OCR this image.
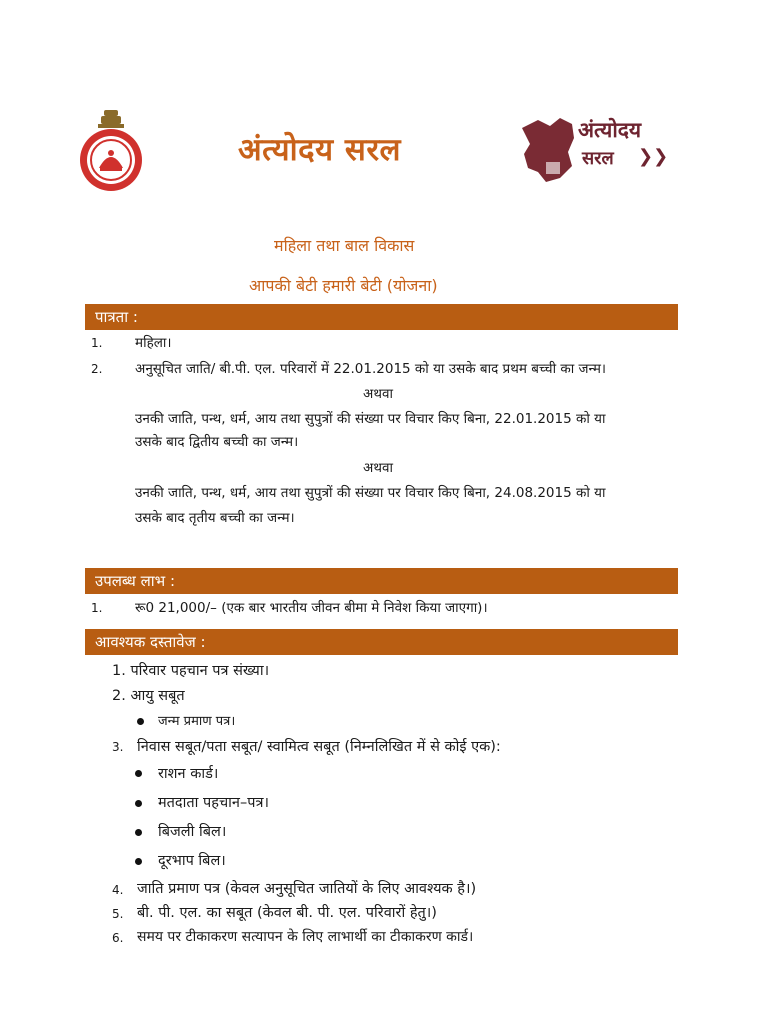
अंत्योदय सरल
अंत्योदय
सरल ❯❯
महिला तथा बाल विकास
आपकी बेटी हमारी बेटी (योजना)
पात्रता :
1. महिला।
2. अनुसूचित जाति/ बी.पी. एल. परिवारों में 22.01.2015 को या उसके बाद प्रथम बच्ची का जन्म।
अथवा
उनकी जाति, पन्थ, धर्म, आय तथा सुपुत्रों की संख्या पर विचार किए बिना, 22.01.2015 को या
उसके बाद द्वितीय बच्ची का जन्म।
अथवा
उनकी जाति, पन्थ, धर्म, आय तथा सुपुत्रों की संख्या पर विचार किए बिना, 24.08.2015 को या
उसके बाद तृतीय बच्ची का जन्म।
उपलब्ध लाभ :
1. रू0 21,000/– (एक बार भारतीय जीवन बीमा मे निवेश किया जाएगा)।
आवश्यक दस्तावेज :
1. परिवार पहचान पत्र संख्या।
2. आयु सबूत
जन्म प्रमाण पत्र।
3. निवास सबूत/पता सबूत/ स्वामित्व सबूत (निम्नलिखित में से कोई एक):
राशन कार्ड।
मतदाता पहचान–पत्र।
बिजली बिल।
दूरभाप बिल।
4. जाति प्रमाण पत्र (केवल अनुसूचित जातियों के लिए आवश्यक है।)
5. बी. पी. एल. का सबूत (केवल बी. पी. एल. परिवारों हेतु।)
6. समय पर टीकाकरण सत्यापन के लिए लाभार्थी का टीकाकरण कार्ड।
